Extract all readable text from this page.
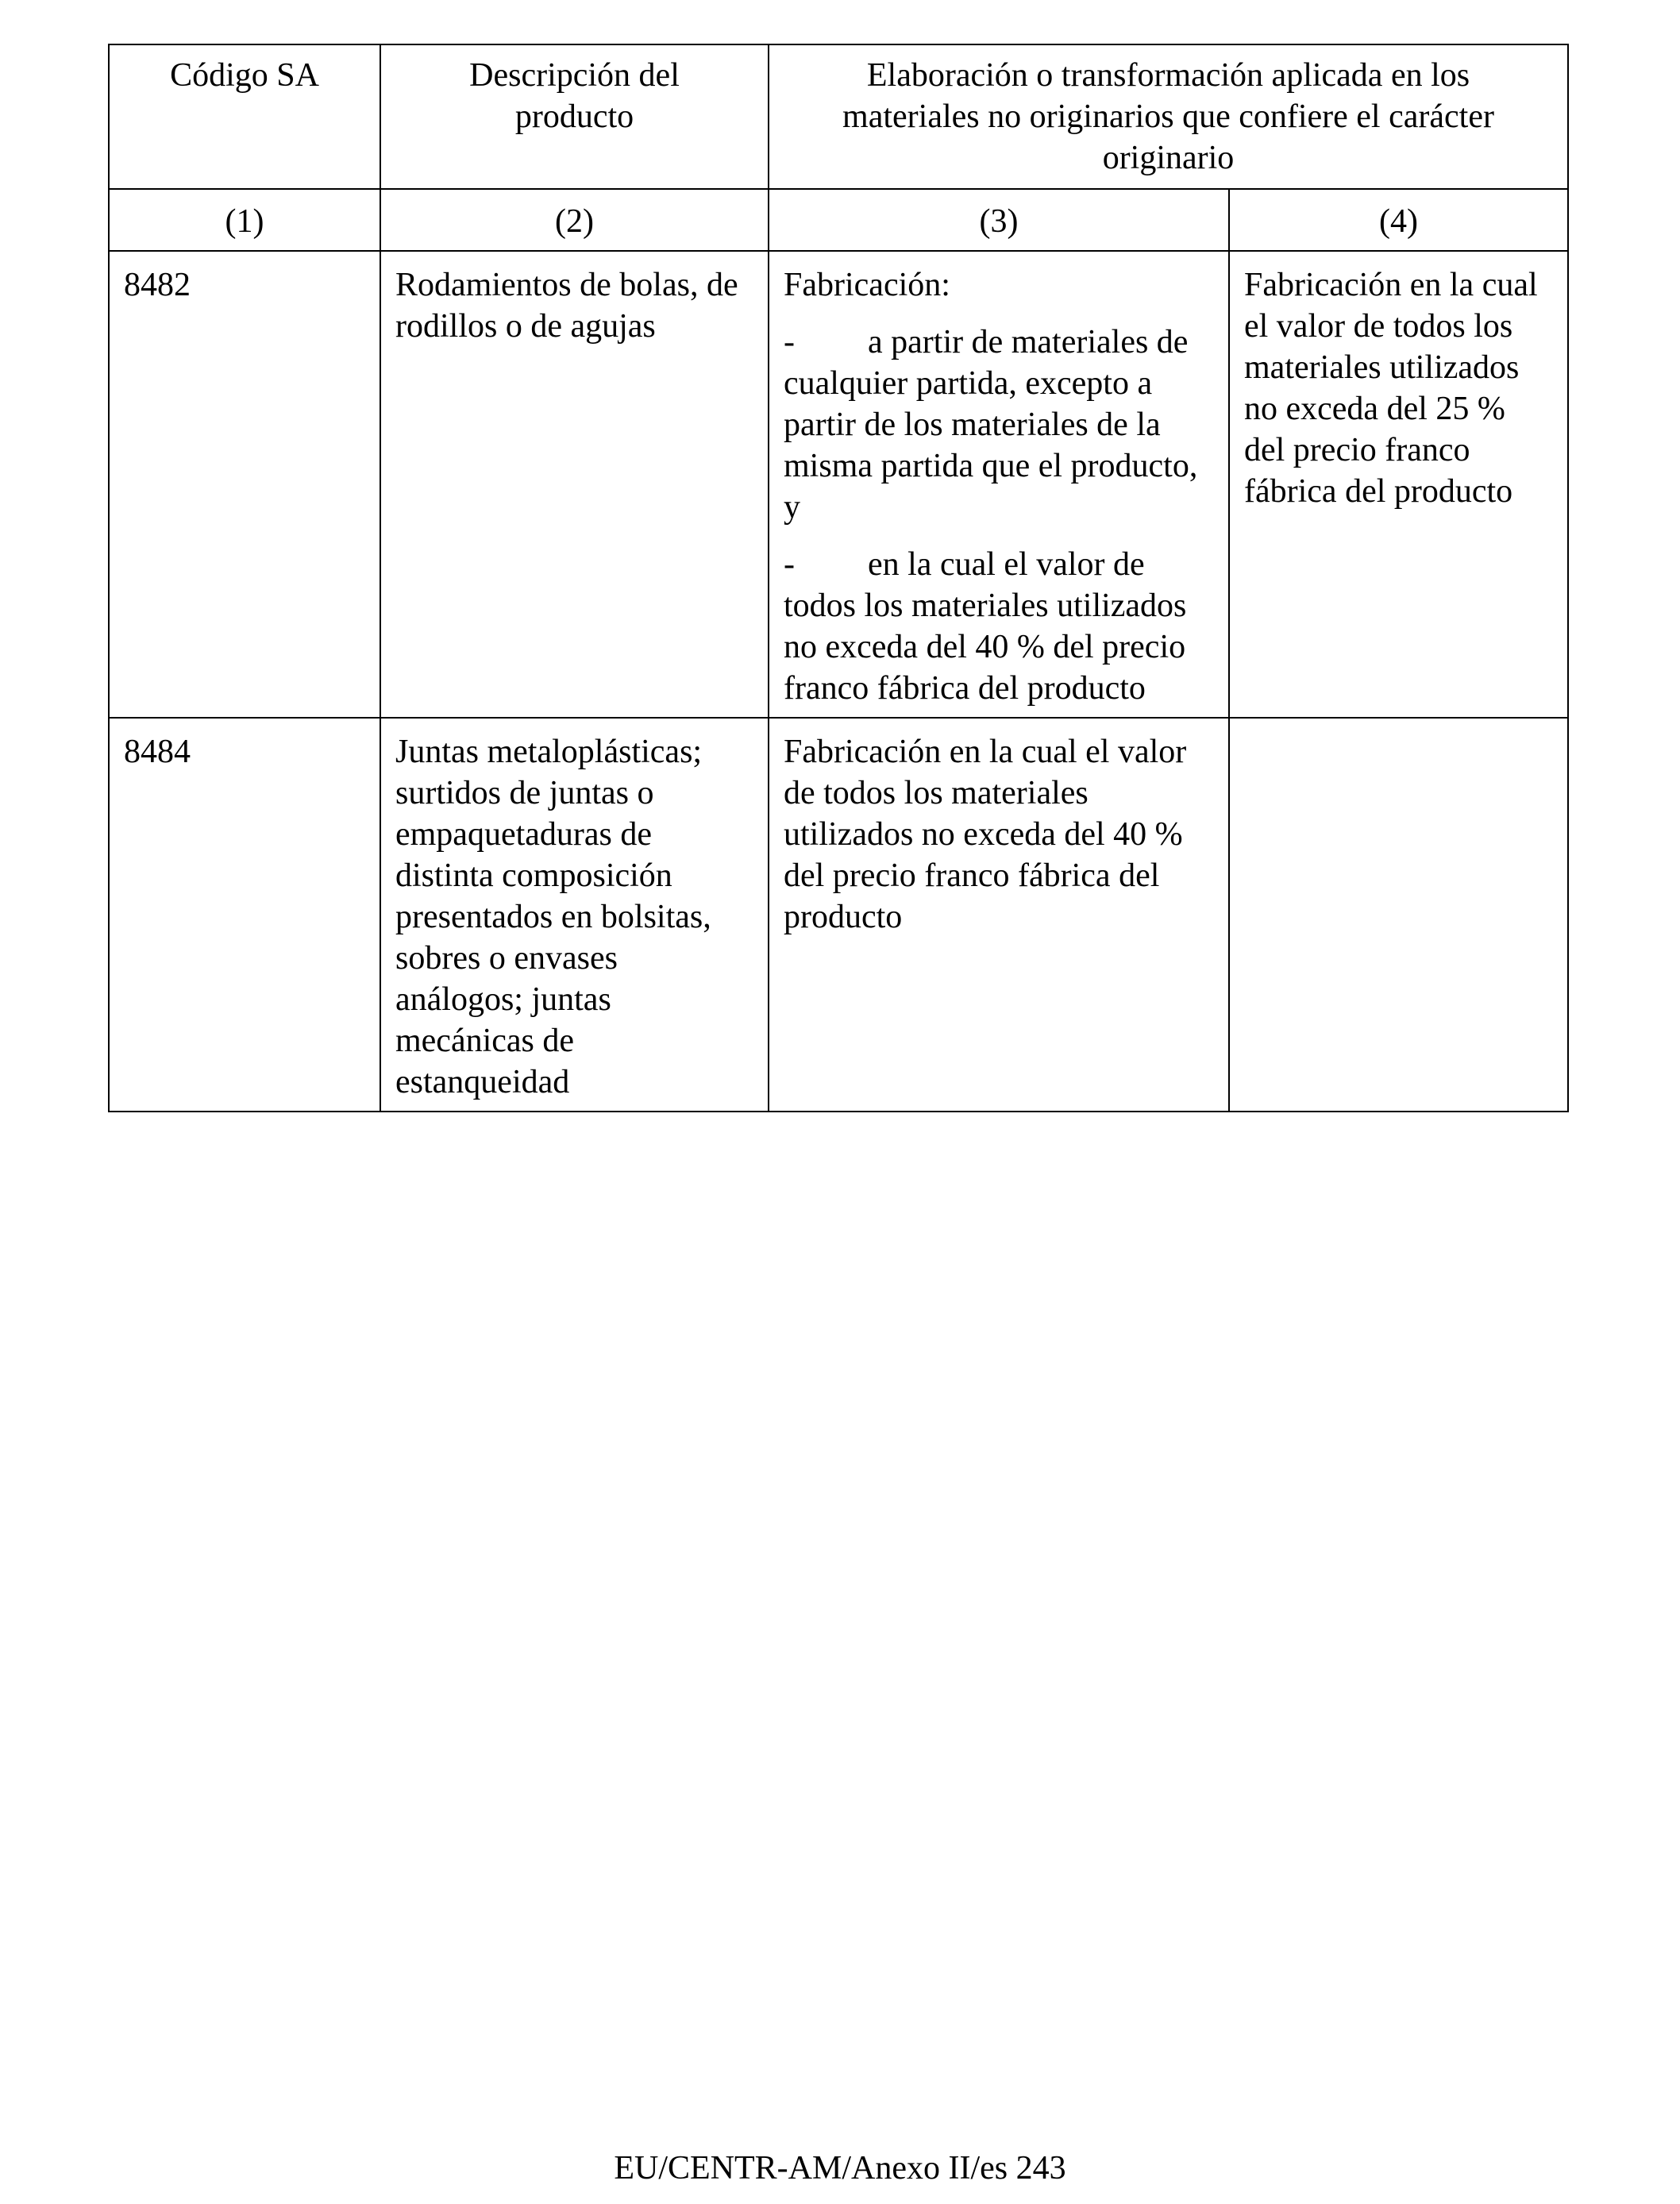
Código SA	Descripción del producto	Elaboración o transformación aplicada en los materiales no originarios que confiere el carácter originario	
(1)	(2)	(3)	(4)
8482	Rodamientos de bolas, de rodillos o de agujas	Fabricación:

- a partir de materiales de cualquier partida, excepto a partir de los materiales de la misma partida que el producto, y

- en la cual el valor de todos los materiales utilizados no exceda del 40 % del precio franco fábrica del producto	Fabricación en la cual el valor de todos los materiales utilizados no exceda del 25 % del precio franco fábrica del producto
8484	Juntas metaloplásticas; surtidos de juntas o empaquetaduras de distinta composición presentados en bolsitas, sobres o envases análogos; juntas mecánicas de estanqueidad	Fabricación en la cual el valor de todos los materiales utilizados no exceda del 40 % del precio franco fábrica del producto	

EU/CENTR-AM/Anexo II/es 243
